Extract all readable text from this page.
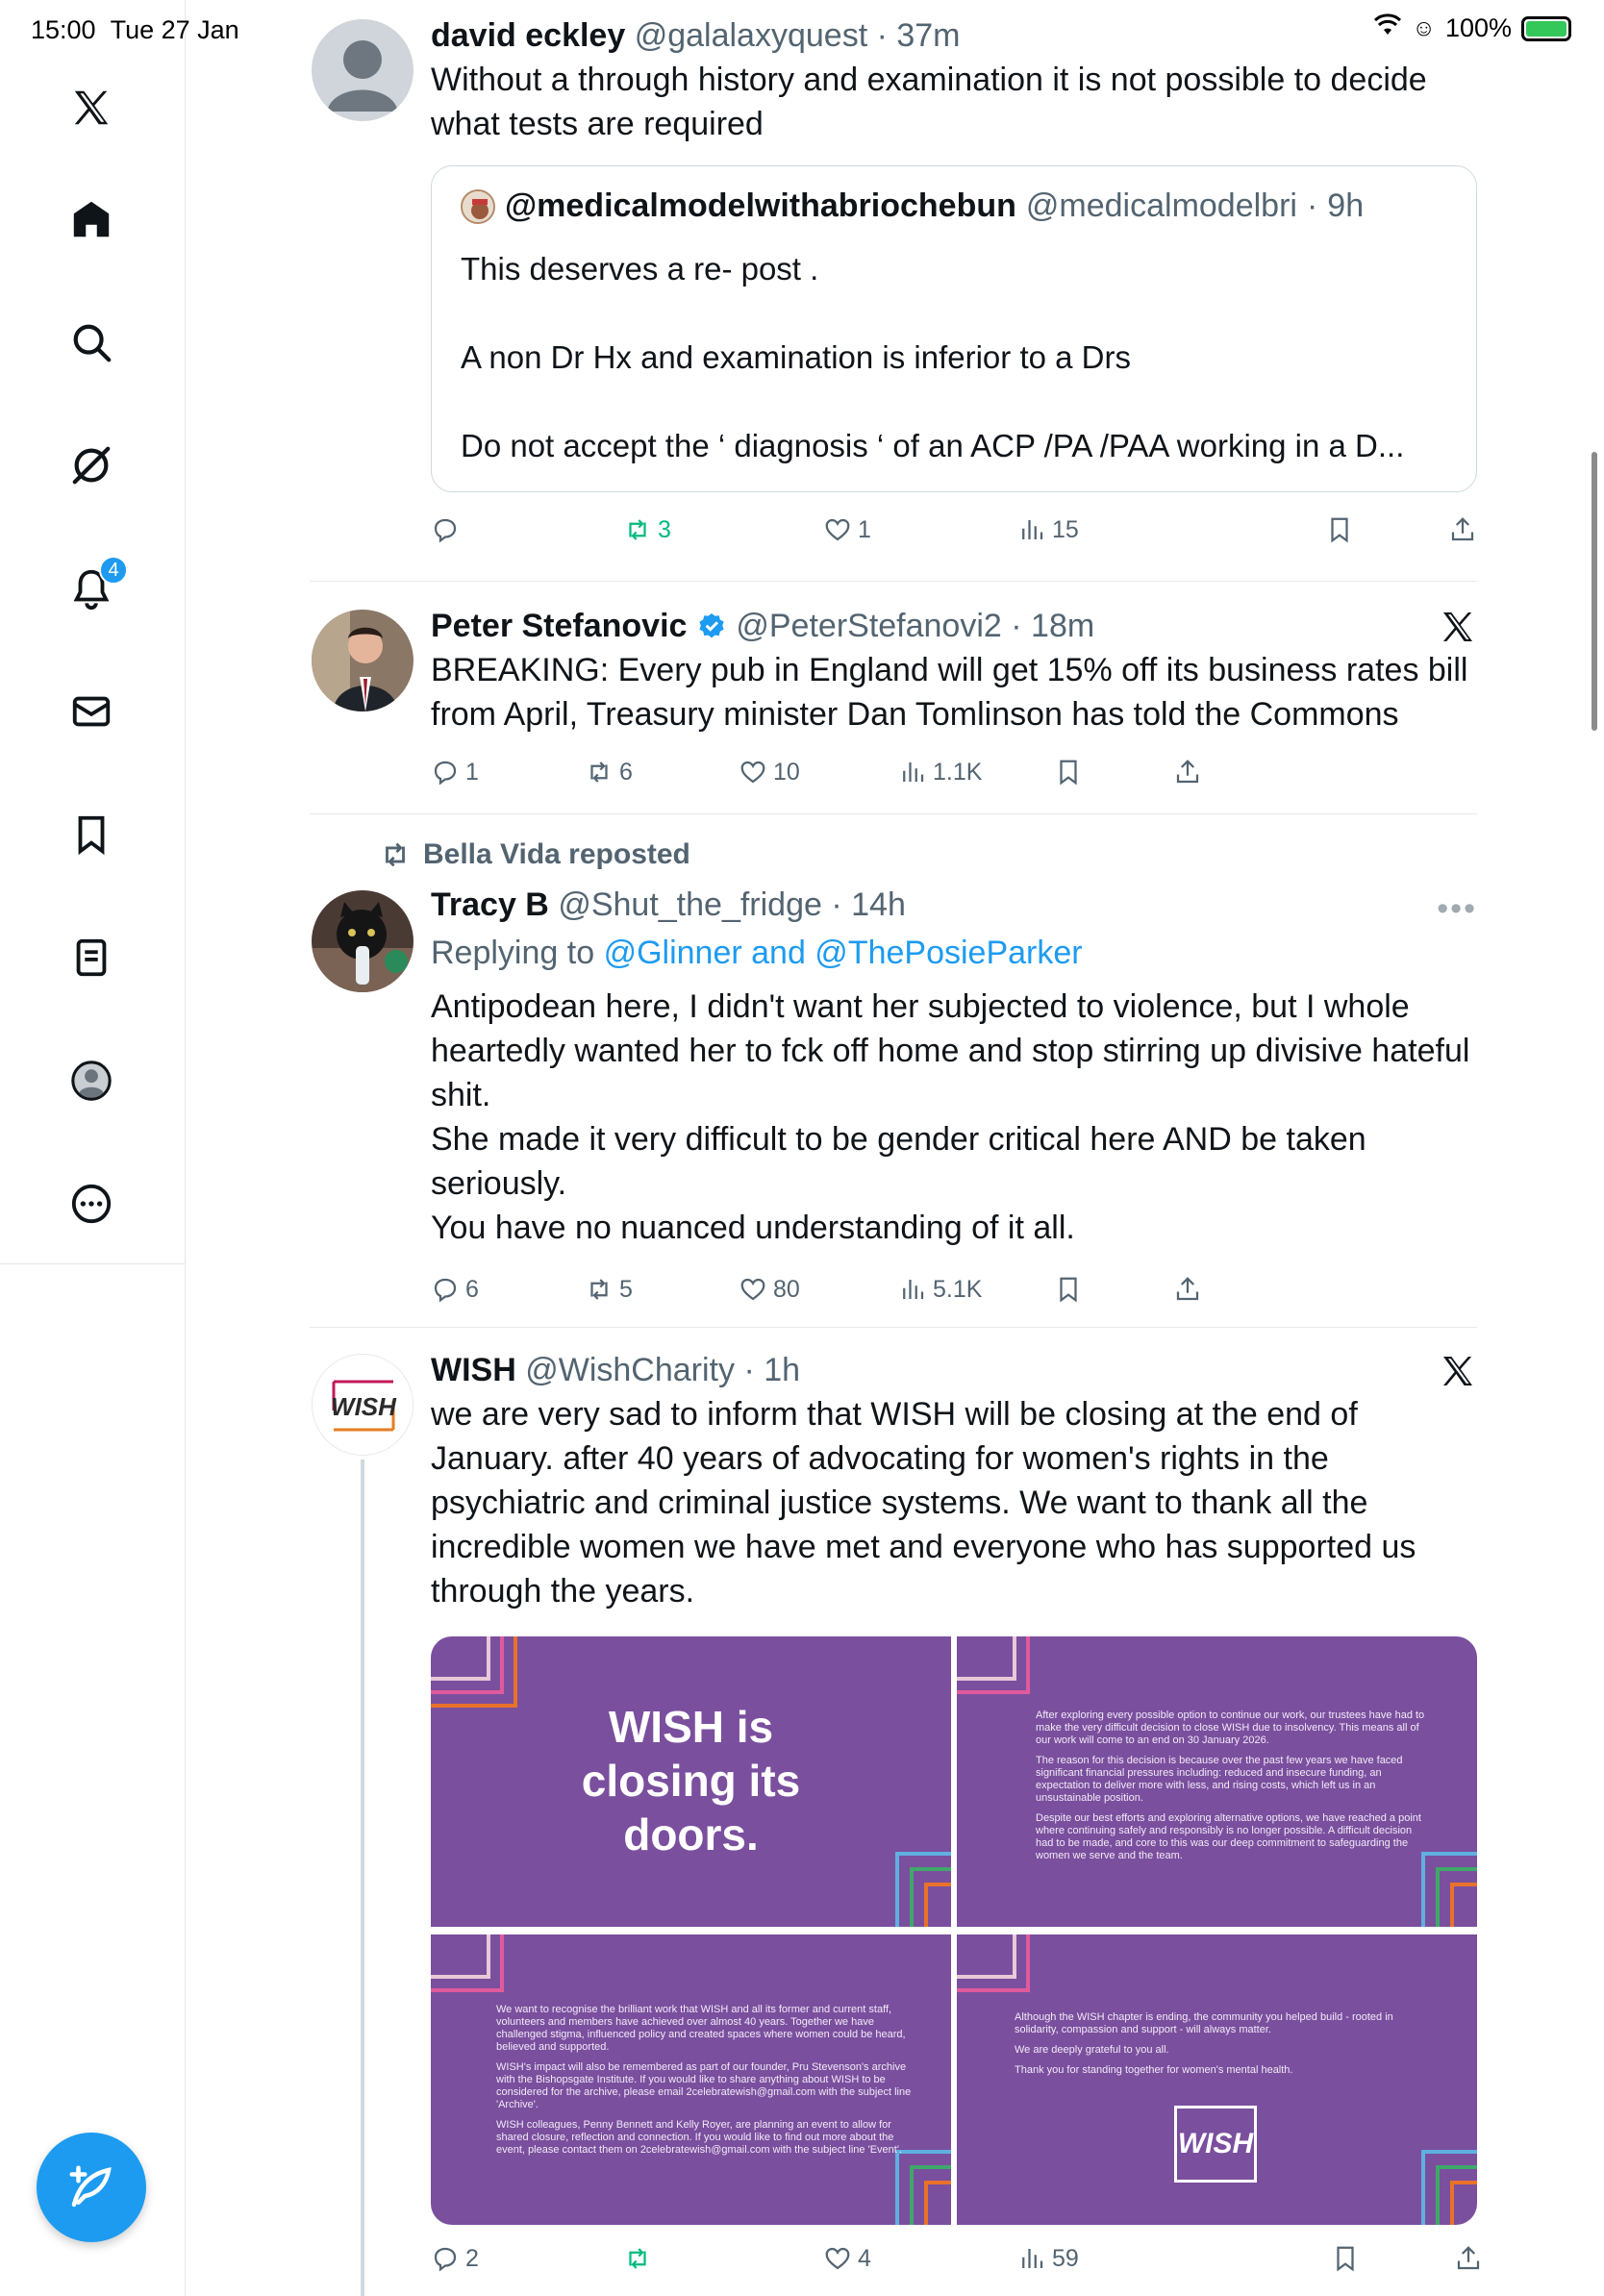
15:00 Tue 27 Jan	☺ 100%
4
david eckley @galalaxyquest · 37m
Without a through history and examination it is not possible to decide what tests are required
@medicalmodelwithabriochebun @medicalmodelbri · 9h

This deserves a re- post .

A non Dr Hx and examination is inferior to a Drs

Do not accept the ‘ diagnosis ‘ of an ACP /PA /PAA working in a D...

3	1	15
Peter Stefanovic @PeterStefanovi2 · 18m
BREAKING: Every pub in England will get 15% off its business rates bill from April, Treasury minister Dan Tomlinson has told the Commons
1	6	10	1.1K
Bella Vida reposted
Tracy B @Shut_the_fridge · 14h
Replying to @Glinner and @ThePosieParker
Antipodean here, I didn't want her subjected to violence, but I whole heartedly wanted her to fck off home and stop stirring up divisive hateful shit.
She made it very difficult to be gender critical here AND be taken seriously.
You have no nuanced understanding of it all.
•••
6	5	80	5.1K
WISH
WISH @WishCharity · 1h
we are very sad to inform that WISH will be closing at the end of January. after 40 years of advocating for women's rights in the psychiatric and criminal justice systems. We want to thank all the incredible women we have met and everyone who has supported us through the years.
WISH is closing its doors.

After exploring every possible option to continue our work, our trustees have had to make the very difficult decision to close WISH due to insolvency. This means all of our work will come to an end on 30 January 2026.

The reason for this decision is because over the past few years we have faced significant financial pressures including: reduced and insecure funding, an expectation to deliver more with less, and rising costs, which left us in an unsustainable position.

Despite our best efforts and exploring alternative options, we have reached a point where continuing safely and responsibly is no longer possible. A difficult decision had to be made, and core to this was our deep commitment to safeguarding the women we serve and the team.

We want to recognise the brilliant work that WISH and all its former and current staff, volunteers and members have achieved over almost 40 years. Together we have challenged stigma, influenced policy and created spaces where women could be heard, believed and supported.

WISH's impact will also be remembered as part of our founder, Pru Stevenson's archive with the Bishopsgate Institute. If you would like to share anything about WISH to be considered for the archive, please email 2celebratewish@gmail.com with the subject line 'Archive'.

WISH colleagues, Penny Bennett and Kelly Royer, are planning an event to allow for shared closure, reflection and connection. If you would like to find out more about the event, please contact them on 2celebratewish@gmail.com with the subject line 'Event'.

Although the WISH chapter is ending, the community you helped build - rooted in solidarity, compassion and support - will always matter.

We are deeply grateful to you all.

Thank you for standing together for women's mental health.

WISH
2	4	59
